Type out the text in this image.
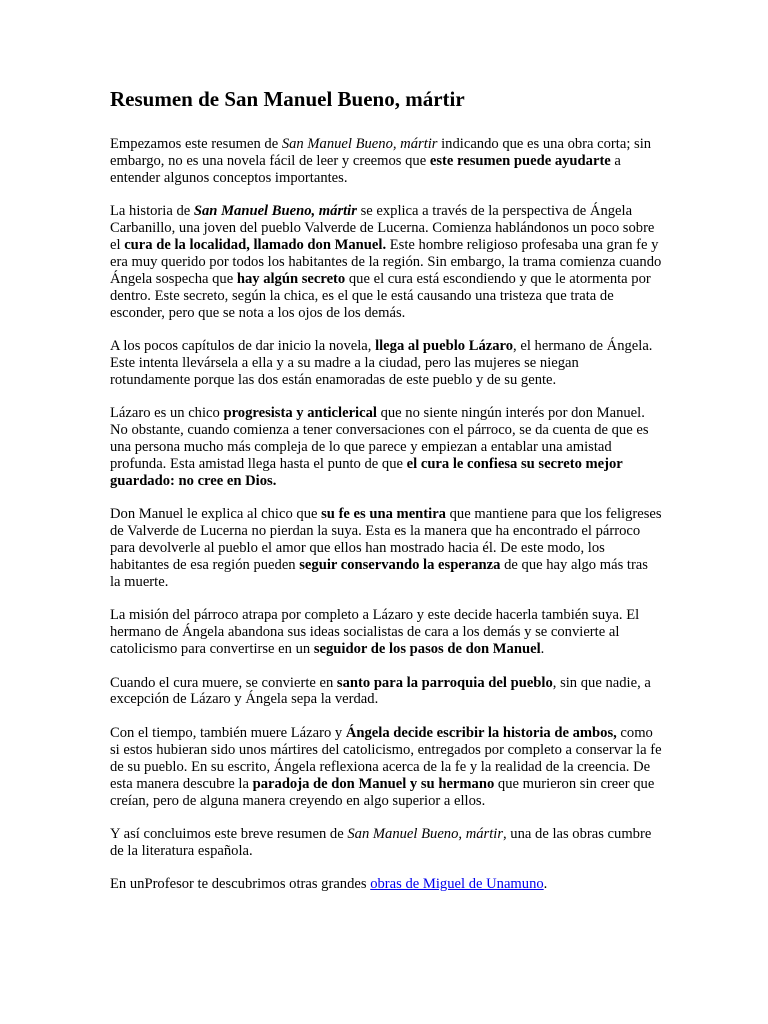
Resumen de San Manuel Bueno, mártir

Empezamos este resumen de San Manuel Bueno, mártir indicando que es una obra corta; sin embargo, no es una novela fácil de leer y creemos que este resumen puede ayudarte a entender algunos conceptos importantes.

La historia de San Manuel Bueno, mártir se explica a través de la perspectiva de Ángela Carbanillo, una joven del pueblo Valverde de Lucerna. Comienza hablándonos un poco sobre el cura de la localidad, llamado don Manuel. Este hombre religioso profesaba una gran fe y era muy querido por todos los habitantes de la región. Sin embargo, la trama comienza cuando Ángela sospecha que hay algún secreto que el cura está escondiendo y que le atormenta por dentro. Este secreto, según la chica, es el que le está causando una tristeza que trata de esconder, pero que se nota a los ojos de los demás.

A los pocos capítulos de dar inicio la novela, llega al pueblo Lázaro, el hermano de Ángela. Este intenta llevársela a ella y a su madre a la ciudad, pero las mujeres se niegan rotundamente porque las dos están enamoradas de este pueblo y de su gente.

Lázaro es un chico progresista y anticlerical que no siente ningún interés por don Manuel. No obstante, cuando comienza a tener conversaciones con el párroco, se da cuenta de que es una persona mucho más compleja de lo que parece y empiezan a entablar una amistad profunda. Esta amistad llega hasta el punto de que el cura le confiesa su secreto mejor guardado: no cree en Dios.

Don Manuel le explica al chico que su fe es una mentira que mantiene para que los feligreses de Valverde de Lucerna no pierdan la suya. Esta es la manera que ha encontrado el párroco para devolverle al pueblo el amor que ellos han mostrado hacia él. De este modo, los habitantes de esa región pueden seguir conservando la esperanza de que hay algo más tras la muerte.

La misión del párroco atrapa por completo a Lázaro y este decide hacerla también suya. El hermano de Ángela abandona sus ideas socialistas de cara a los demás y se convierte al catolicismo para convertirse en un seguidor de los pasos de don Manuel.

Cuando el cura muere, se convierte en santo para la parroquia del pueblo, sin que nadie, a excepción de Lázaro y Ángela sepa la verdad.

Con el tiempo, también muere Lázaro y Ángela decide escribir la historia de ambos, como si estos hubieran sido unos mártires del catolicismo, entregados por completo a conservar la fe de su pueblo. En su escrito, Ángela reflexiona acerca de la fe y la realidad de la creencia. De esta manera descubre la paradoja de don Manuel y su hermano que murieron sin creer que creían, pero de alguna manera creyendo en algo superior a ellos.

Y así concluimos este breve resumen de San Manuel Bueno, mártir, una de las obras cumbre de la literatura española.

En unProfesor te descubrimos otras grandes obras de Miguel de Unamuno.
